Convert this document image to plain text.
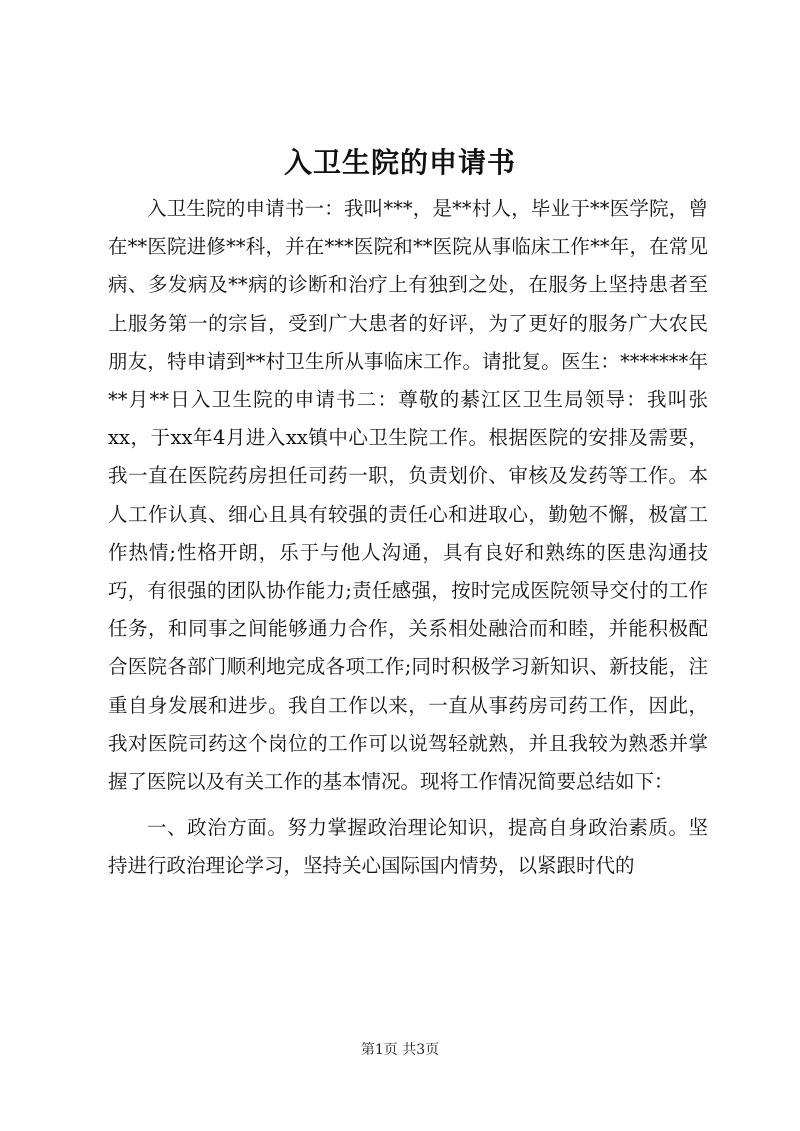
入卫生院的申请书

入卫生院的申请书一：我叫***，是**村人，毕业于**医学院，曾在**医院进修**科，并在***医院和**医院从事临床工作**年，在常见病、多发病及**病的诊断和治疗上有独到之处，在服务上坚持患者至上服务第一的宗旨，受到广大患者的好评，为了更好的服务广大农民朋友，特申请到**村卫生所从事临床工作。请批复。医生：*******年**月**日入卫生院的申请书二：尊敬的綦江区卫生局领导：我叫张xx，于xx年4月进入xx镇中心卫生院工作。根据医院的安排及需要，我一直在医院药房担任司药一职，负责划价、审核及发药等工作。本人工作认真、细心且具有较强的责任心和进取心，勤勉不懈，极富工作热情;性格开朗，乐于与他人沟通，具有良好和熟练的医患沟通技巧，有很强的团队协作能力;责任感强，按时完成医院领导交付的工作任务，和同事之间能够通力合作，关系相处融洽而和睦，并能积极配合医院各部门顺利地完成各项工作;同时积极学习新知识、新技能，注重自身发展和进步。我自工作以来，一直从事药房司药工作，因此，我对医院司药这个岗位的工作可以说驾轻就熟，并且我较为熟悉并掌握了医院以及有关工作的基本情况。现将工作情况简要总结如下：

一、政治方面。努力掌握政治理论知识，提高自身政治素质。坚持进行政治理论学习，坚持关心国际国内情势，以紧跟时代的

第1页 共3页
